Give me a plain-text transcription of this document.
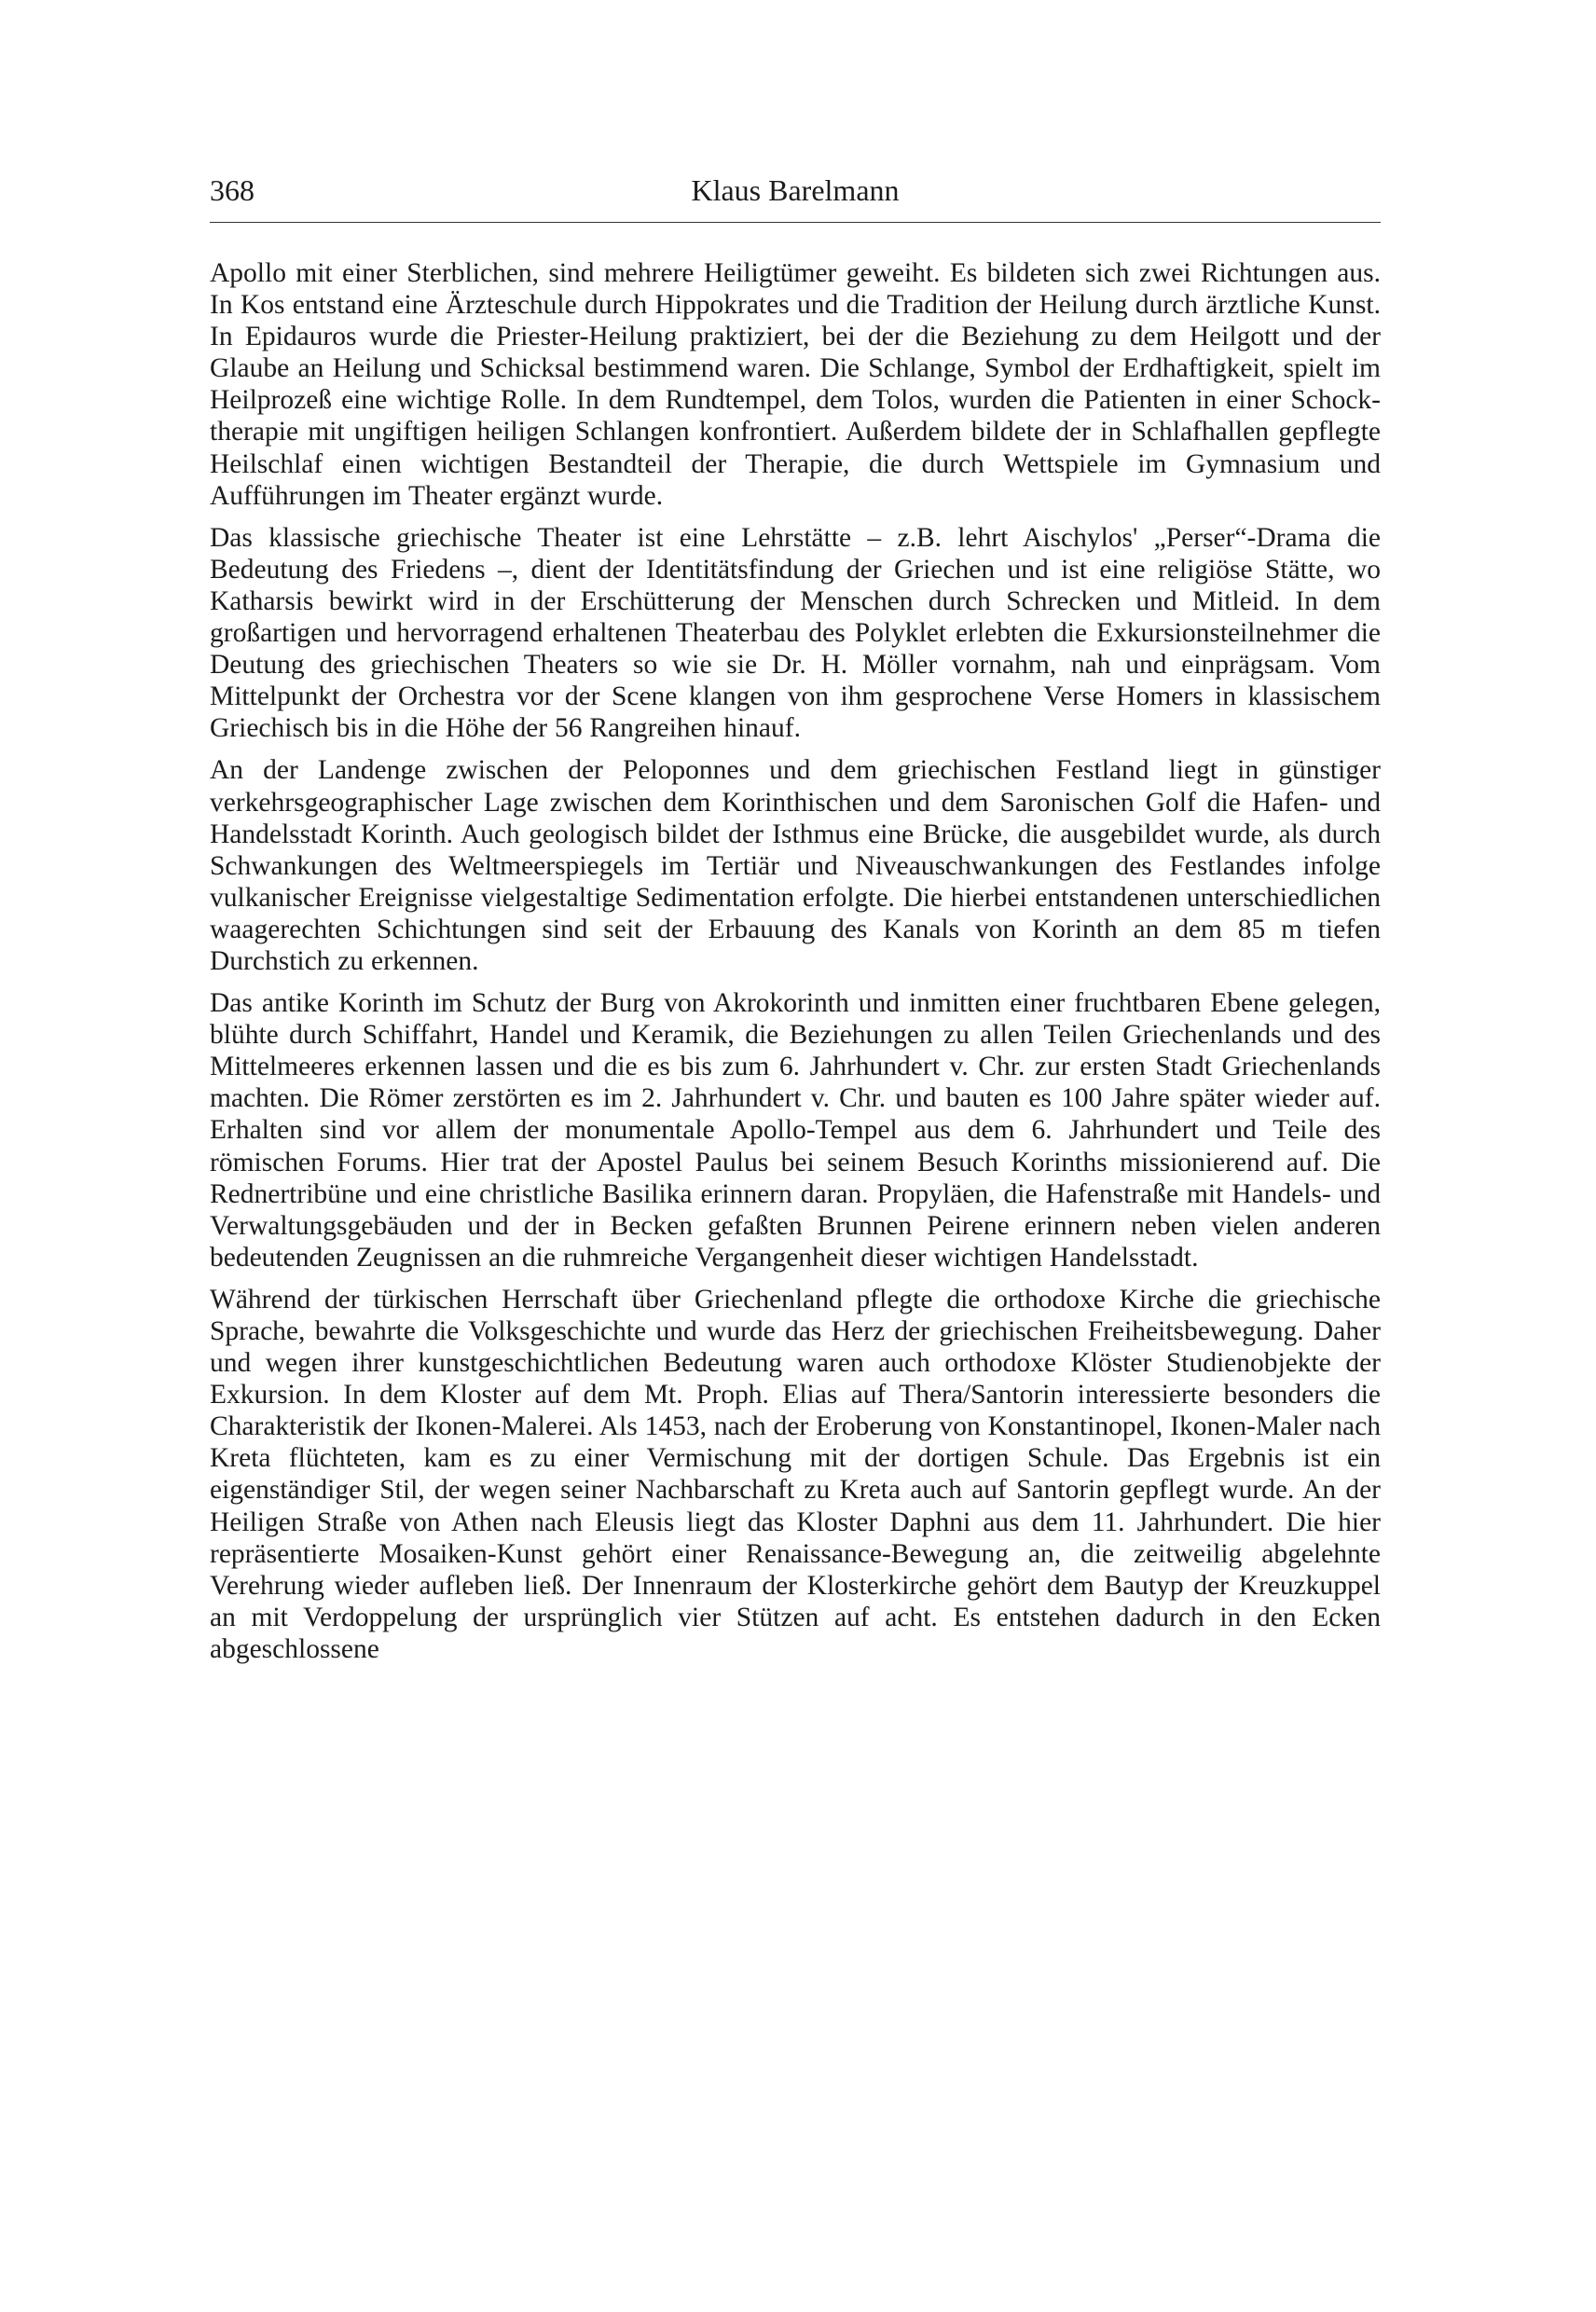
368	Klaus Barelmann

Apollo mit einer Sterblichen, sind mehrere Heiligtümer geweiht. Es bildeten sich zwei Richtungen aus. In Kos entstand eine Ärzteschule durch Hippokrates und die Tradition der Heilung durch ärztliche Kunst. In Epidauros wurde die Priester-Heilung praktiziert, bei der die Beziehung zu dem Heilgott und der Glaube an Heilung und Schicksal bestimmend waren. Die Schlange, Symbol der Erdhaftigkeit, spielt im Heilprozeß eine wichtige Rolle. In dem Rundtempel, dem Tolos, wurden die Patienten in einer Schocktherapie mit ungiftigen heiligen Schlangen konfrontiert. Außerdem bildete der in Schlafhallen gepflegte Heilschlaf einen wichtigen Bestandteil der Therapie, die durch Wettspiele im Gymnasium und Aufführungen im Theater ergänzt wurde.

Das klassische griechische Theater ist eine Lehrstätte – z.B. lehrt Aischylos' „Perser“-Drama die Bedeutung des Friedens –, dient der Identitätsfindung der Griechen und ist eine religiöse Stätte, wo Katharsis bewirkt wird in der Erschütterung der Menschen durch Schrecken und Mitleid. In dem großartigen und hervorragend erhaltenen Theaterbau des Polyklet erlebten die Exkursionsteilnehmer die Deutung des griechischen Theaters so wie sie Dr. H. Möller vornahm, nah und einprägsam. Vom Mittelpunkt der Orchestra vor der Scene klangen von ihm gesprochene Verse Homers in klassischem Griechisch bis in die Höhe der 56 Rangreihen hinauf.

An der Landenge zwischen der Peloponnes und dem griechischen Festland liegt in günstiger verkehrsgeographischer Lage zwischen dem Korinthischen und dem Saronischen Golf die Hafen- und Handelsstadt Korinth. Auch geologisch bildet der Isthmus eine Brücke, die ausgebildet wurde, als durch Schwankungen des Weltmeerspiegels im Tertiär und Niveauschwankungen des Festlandes infolge vulkanischer Ereignisse vielgestaltige Sedimentation erfolgte. Die hierbei entstandenen unterschiedlichen waagerechten Schichtungen sind seit der Erbauung des Kanals von Korinth an dem 85 m tiefen Durchstich zu erkennen.

Das antike Korinth im Schutz der Burg von Akrokorinth und inmitten einer fruchtbaren Ebene gelegen, blühte durch Schiffahrt, Handel und Keramik, die Beziehungen zu allen Teilen Griechenlands und des Mittelmeeres erkennen lassen und die es bis zum 6. Jahrhundert v. Chr. zur ersten Stadt Griechenlands machten. Die Römer zerstörten es im 2. Jahrhundert v. Chr. und bauten es 100 Jahre später wieder auf. Erhalten sind vor allem der monumentale Apollo-Tempel aus dem 6. Jahrhundert und Teile des römischen Forums. Hier trat der Apostel Paulus bei seinem Besuch Korinths missionierend auf. Die Rednertribüne und eine christliche Basilika erinnern daran. Propyläen, die Hafenstraße mit Handels- und Verwaltungsgebäuden und der in Becken gefaßten Brunnen Peirene erinnern neben vielen anderen bedeutenden Zeugnissen an die ruhmreiche Vergangenheit dieser wichtigen Handelsstadt.

Während der türkischen Herrschaft über Griechenland pflegte die orthodoxe Kirche die griechische Sprache, bewahrte die Volksgeschichte und wurde das Herz der griechischen Freiheitsbewegung. Daher und wegen ihrer kunstgeschichtlichen Bedeutung waren auch orthodoxe Klöster Studienobjekte der Exkursion. In dem Kloster auf dem Mt. Proph. Elias auf Thera/Santorin interessierte besonders die Charakteristik der Ikonen-Malerei. Als 1453, nach der Eroberung von Konstantinopel, Ikonen-Maler nach Kreta flüchteten, kam es zu einer Vermischung mit der dortigen Schule. Das Ergebnis ist ein eigenständiger Stil, der wegen seiner Nachbarschaft zu Kreta auch auf Santorin gepflegt wurde. An der Heiligen Straße von Athen nach Eleusis liegt das Kloster Daphni aus dem 11. Jahrhundert. Die hier repräsentierte Mosaiken-Kunst gehört einer Renaissance-Bewegung an, die zeitweilig abgelehnte Verehrung wieder aufleben ließ. Der Innenraum der Klosterkirche gehört dem Bautyp der Kreuzkuppel an mit Verdoppelung der ursprünglich vier Stützen auf acht. Es entstehen dadurch in den Ecken abgeschlossene
